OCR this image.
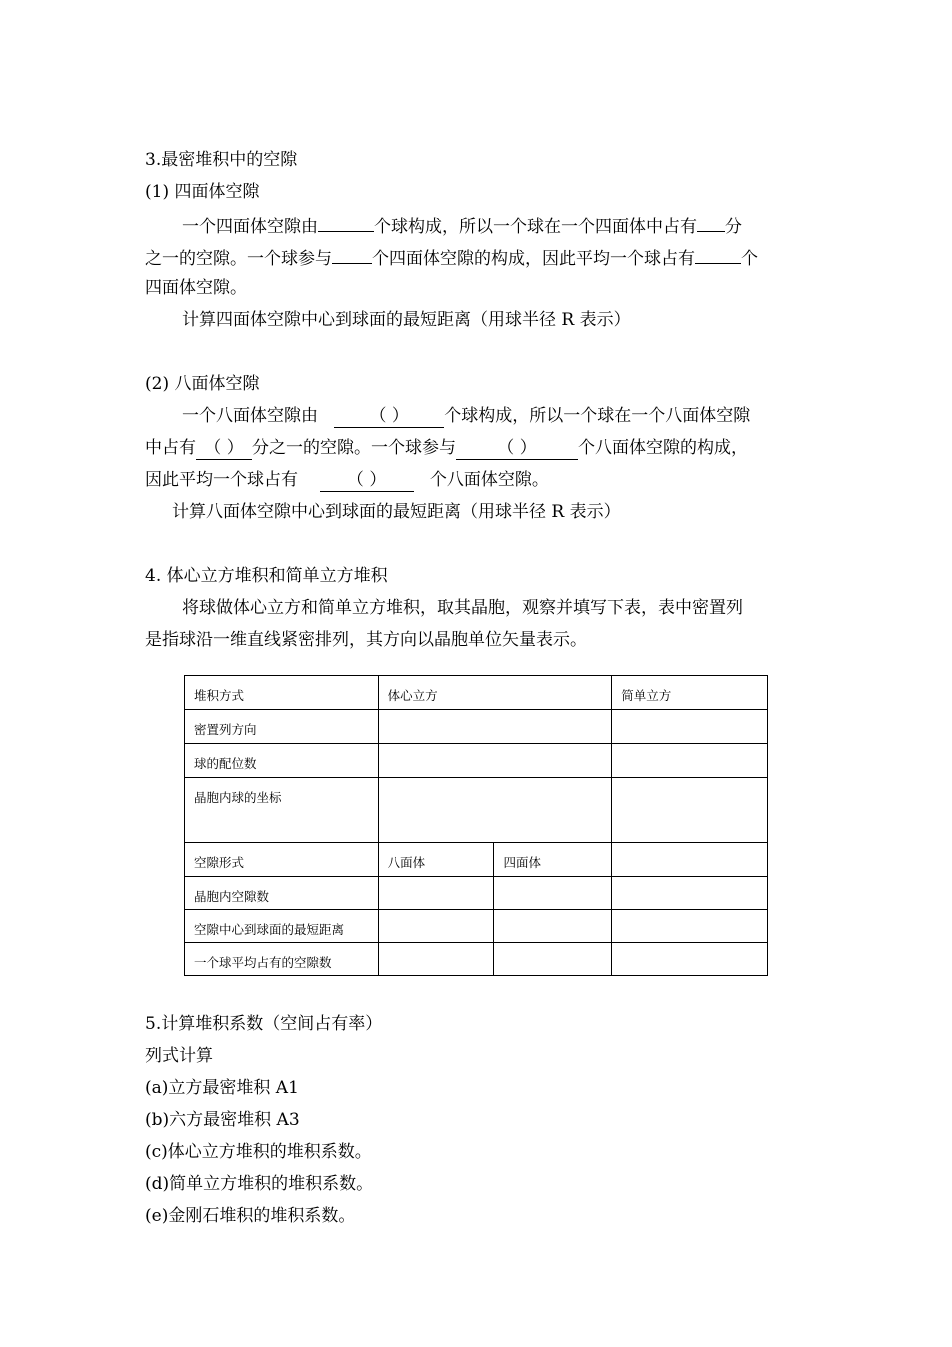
3.最密堆积中的空隙
(1) 四面体空隙
一个四面体空隙由	个球构成，所以一个球在一个四面体中占有 分
之一的空隙。一个球参与 个四面体空隙的构成，因此平均一个球占有	个
四面体空隙。
计算四面体空隙中心到球面的最短距离（用球半径 R 表示）
(2) 八面体空隙
一个八面体空隙由	（ ） 个球构成，所以一个球在一个八面体空隙
中占有 （ ） 分之一的空隙。一个球参与 （ ） 个八面体空隙的构成，
因此平均一个球占有	（ ）	个八面体空隙。
计算八面体空隙中心到球面的最短距离（用球半径 R 表示）
4. 体心立方堆积和简单立方堆积
将球做体心立方和简单立方堆积，取其晶胞，观察并填写下表，表中密置列
是指球沿一维直线紧密排列，其方向以晶胞单位矢量表示。
堆积方式	体心立方		简单立方

密置列方向			

球的配位数			

晶胞内球的坐标			

空隙形式	八面体	四面体	

晶胞内空隙数			

空隙中心到球面的最短距离			

一个球平均占有的空隙数			

5.计算堆积系数（空间占有率）
列式计算
(a)立方最密堆积 A1
(b)六方最密堆积 A3
(c)体心立方堆积的堆积系数。
(d)简单立方堆积的堆积系数。
(e)金刚石堆积的堆积系数。
